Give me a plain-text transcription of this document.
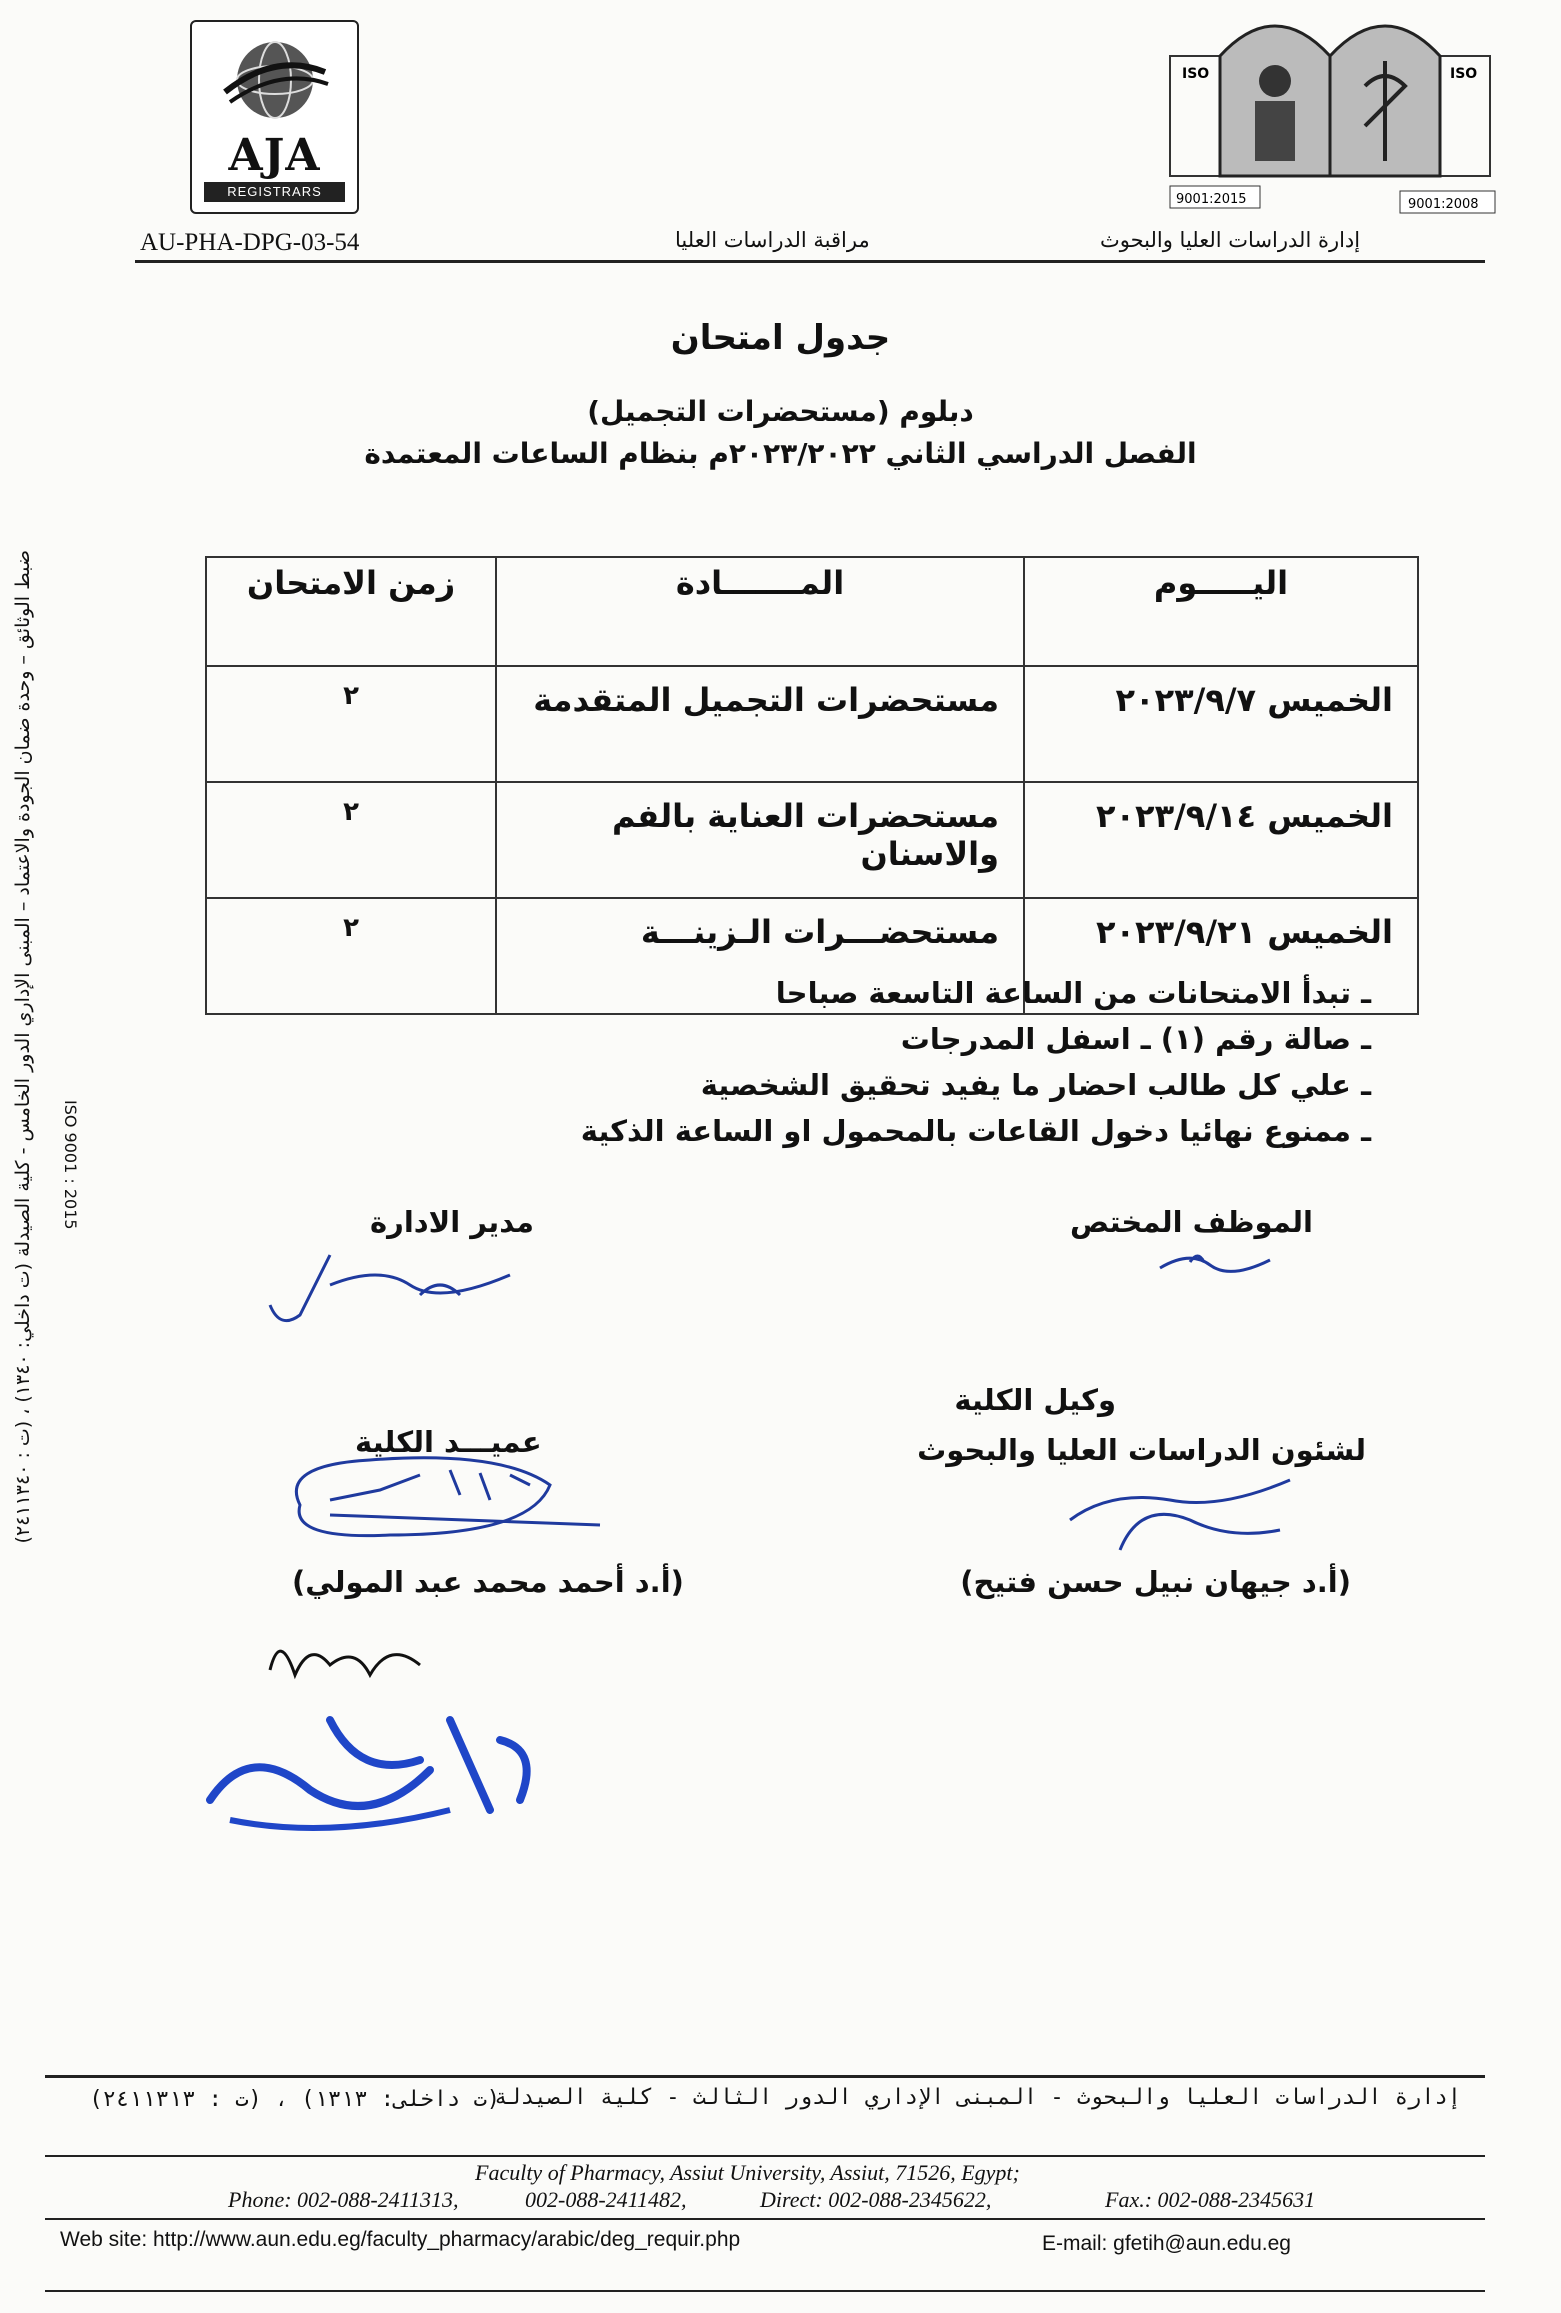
AJA
REGISTRARS
ISO	ISO
9001:2015	9001:2008
AU-PHA-DPG-03-54	مراقبة الدراسات العليا	إدارة الدراسات العليا والبحوث
جدول امتحان
دبلوم (مستحضرات التجميل)
الفصل الدراسي الثاني ٢٠٢٣/٢٠٢٢م بنظام الساعات المعتمدة
اليـــــوم	المـــــــادة	زمن الامتحان
الخميس ٢٠٢٣/٩/٧	مستحضرات التجميل المتقدمة	٢
الخميس ٢٠٢٣/٩/١٤	مستحضرات العناية بالفم والاسنان	٢
الخميس ٢٠٢٣/٩/٢١	مستحضـــرات الـزينـــة	٢
ـ تبدأ الامتحانات من الساعة التاسعة صباحا
ـ صالة رقم (١) ـ اسفل المدرجات
ـ علي كل طالب احضار ما يفيد تحقيق الشخصية
ـ ممنوع نهائيا دخول القاعات بالمحمول او الساعة الذكية
الموظف المختص
مدير الادارة
وكيل الكلية
لشئون الدراسات العليا والبحوث
(أ.د جيهان نبيل حسن فتيح)
عميـــد الكلية
(أ.د أحمد محمد عبد المولي)
ضبط الوثائق – وحدة ضمان الجودة والاعتماد – المبنى الإداري الدور الخامس - كلية الصيدلة (ت داخلي: ١٣٤٠) ، (ت : ٢٤١١٣٤٠) ISO 9001 : 2015
إدارة الدراسات العليا والبحوث - المبنى الإداري الدور الثالث - كلية الصيدلة
(ت داخلى: ١٣١٣) ، (ت : ٢٤١١٣١٣)
Faculty of Pharmacy, Assiut University, Assiut, 71526, Egypt;
Phone: 002-088-2411313,	002-088-2411482,	Direct: 002-088-2345622,	Fax.: 002-088-2345631
Web site: http://www.aun.edu.eg/faculty_pharmacy/arabic/deg_requir.php	E-mail: gfetih@aun.edu.eg
